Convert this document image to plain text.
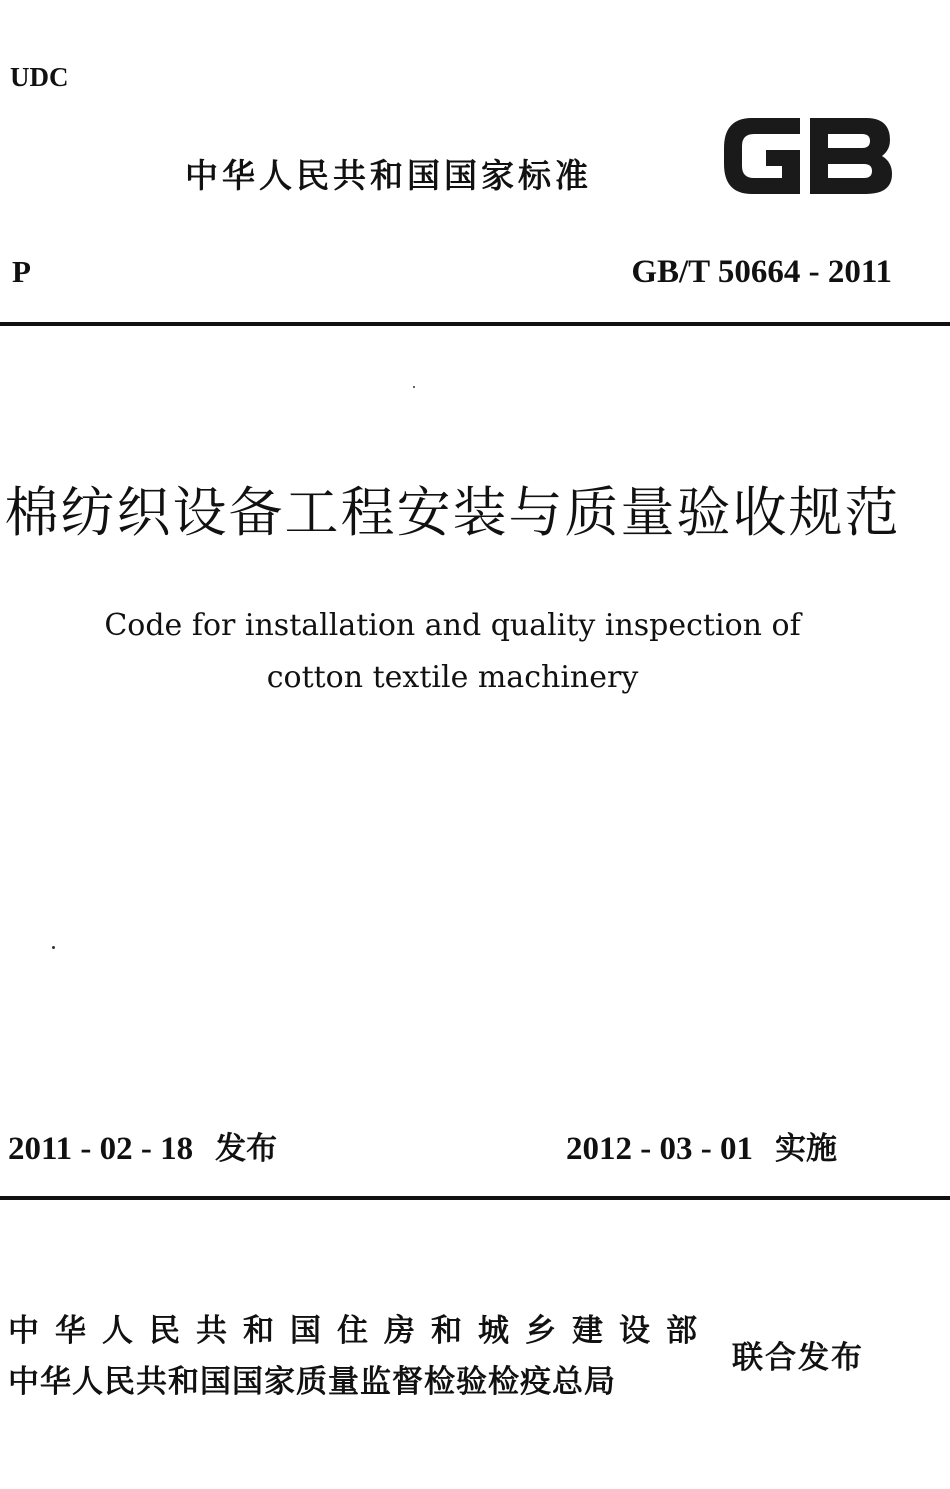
UDC
中华人民共和国国家标准
P	GB/T 50664 - 2011
棉纺织设备工程安装与质量验收规范
Code for installation and quality inspection of
cotton textile machinery
2011 - 02 - 18 发布	2012 - 03 - 01 实施
中华人民共和国住房和城乡建设部
中华人民共和国国家质量监督检验检疫总局
联合发布
